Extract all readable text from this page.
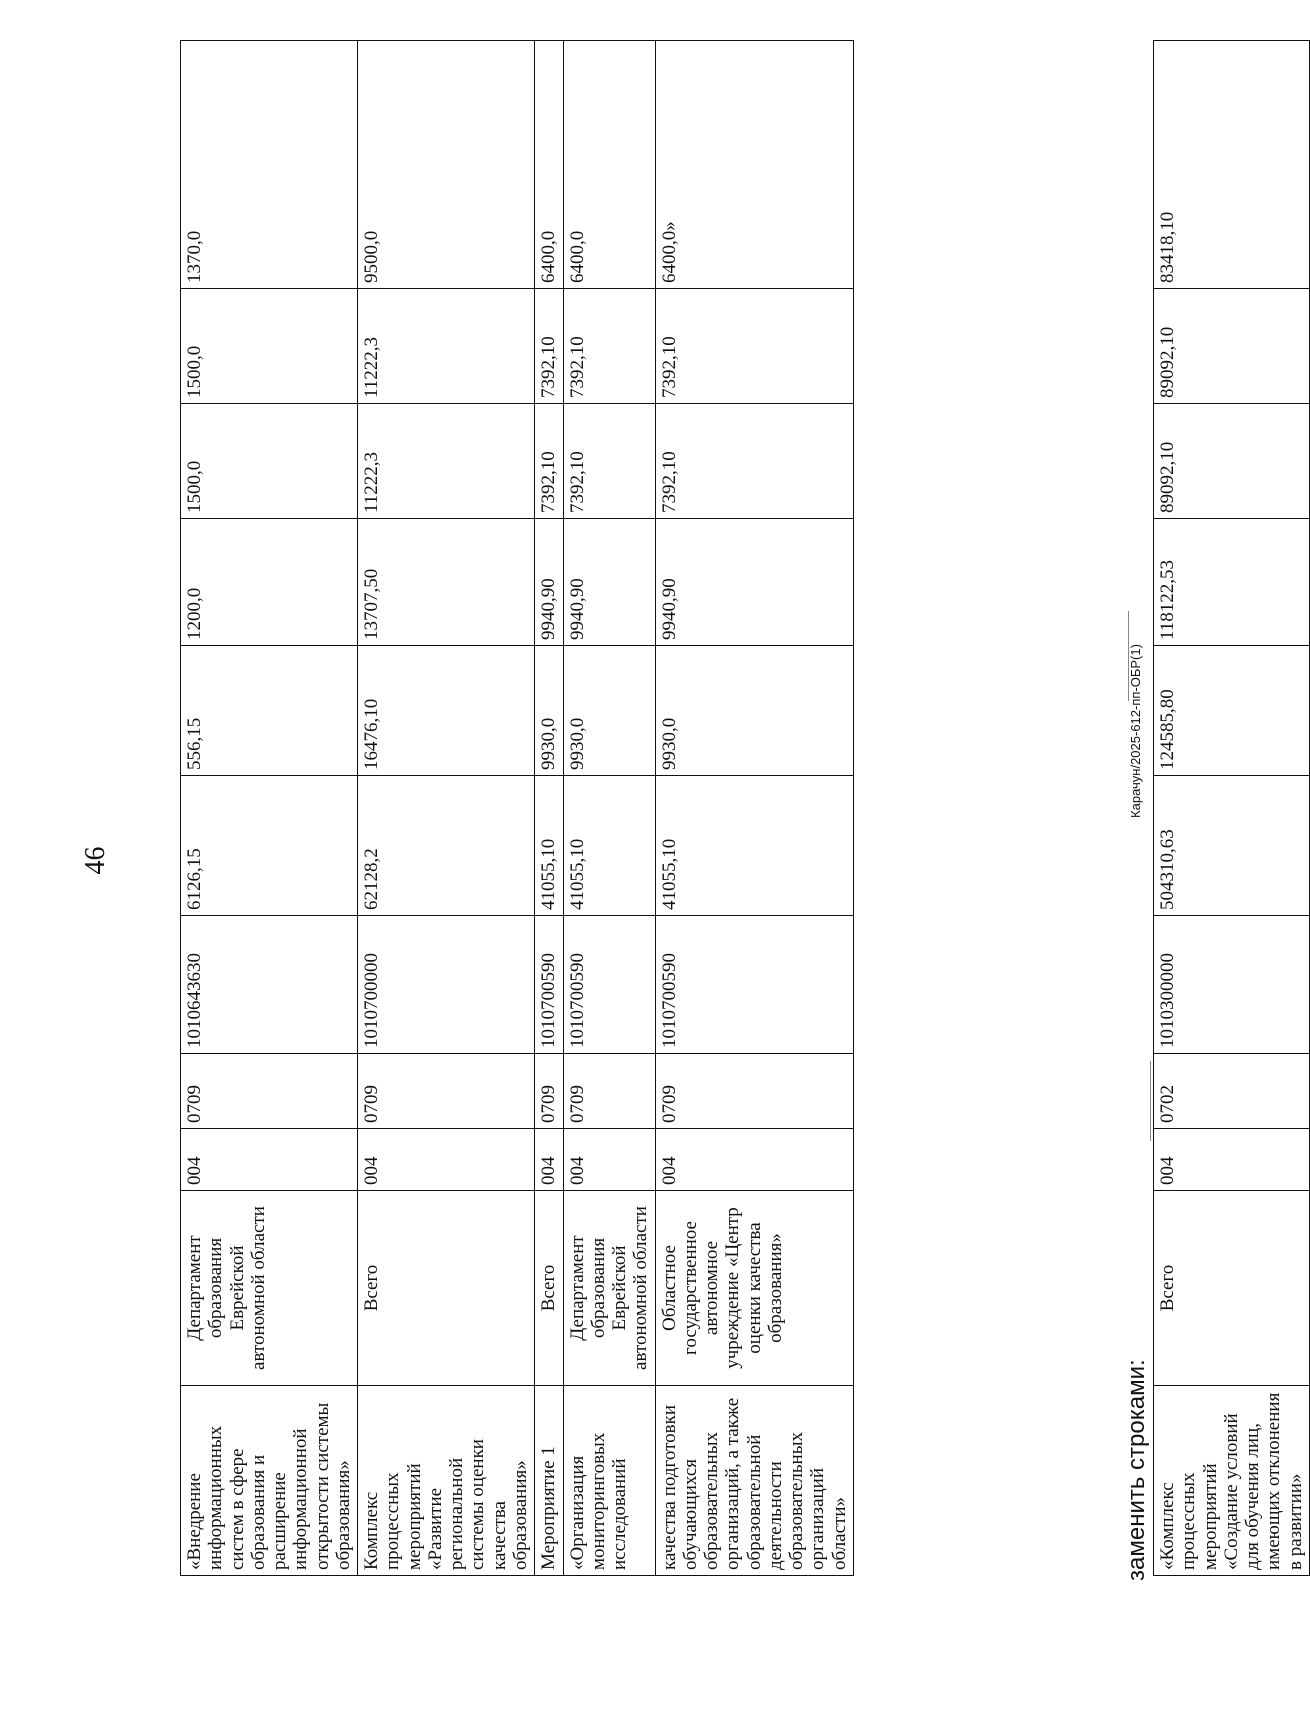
46
«Внедрение информационных систем в сфере образования и расширение информационной открытости системы образования»	Департамент образования Еврейской автономной области	004	0709	1010643630	6126,15	556,15	1200,0	1500,0	1500,0	1370,0
Комплекс процессных мероприятий «Развитие региональной системы оценки качества образования»	Всего	004	0709	1010700000	62128,2	16476,10	13707,50	11222,3	11222,3	9500,0
Мероприятие 1	Всего	004	0709	1010700590	41055,10	9930,0	9940,90	7392,10	7392,10	6400,0
«Организация мониторинговых исследований	Департамент образования Еврейской автономной области	004	0709	1010700590	41055,10	9930,0	9940,90	7392,10	7392,10	6400,0
качества подготовки обучающихся образовательных организаций, а также образовательной деятельности образовательных организаций области»	Областное государственное автономное учреждение «Центр оценки качества образования»	004	0709	1010700590	41055,10	9930,0	9940,90	7392,10	7392,10	6400,0»
заменить строками: «Комплекс процессных мероприятий «Создание условий для обучения лиц, имеющих отклонения в развитии»	Всего	004	0702	1010300000	504310,63	124585,80	118122,53	89092,10	89092,10	83418,10
Карачун/2025-612-пп-ОБР(1)
